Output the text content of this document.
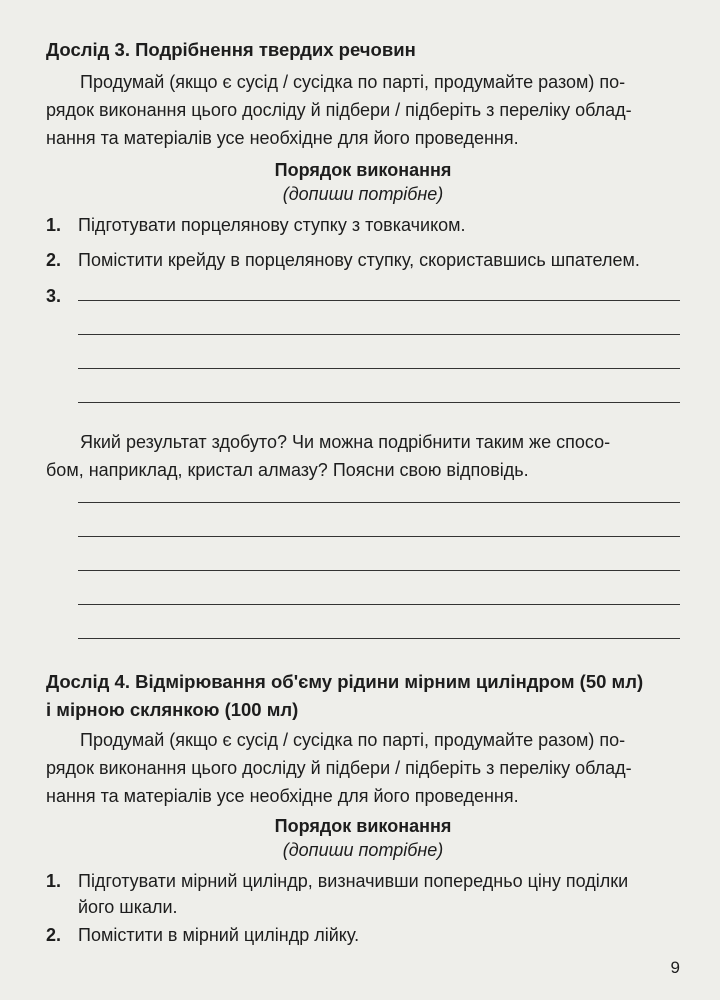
Дослід 3. Подрібнення твердих речовин
Продумай (якщо є сусід / сусідка по парті, продумайте разом) по-
рядок виконання цього досліду й підбери / підберіть з переліку облад-
нання та матеріалів усе необхідне для його проведення.
Порядок виконання
(допиши потрібне)
1. Підготувати порцелянову ступку з товкачиком.
2. Помістити крейду в порцелянову ступку, скориставшись шпателем.
3.
Який результат здобуто? Чи можна подрібнити таким же спосо-
бом, наприклад, кристал алмазу? Поясни свою відповідь.
Дослід 4. Відмірювання об'єму рідини мірним циліндром (50 мл)
і мірною склянкою (100 мл)
Продумай (якщо є сусід / сусідка по парті, продумайте разом) по-
рядок виконання цього досліду й підбери / підберіть з переліку облад-
нання та матеріалів усе необхідне для його проведення.
Порядок виконання
(допиши потрібне)
1. Підготувати мірний циліндр, визначивши попередньо ціну поділки
його шкали.
2. Помістити в мірний циліндр лійку.
9
